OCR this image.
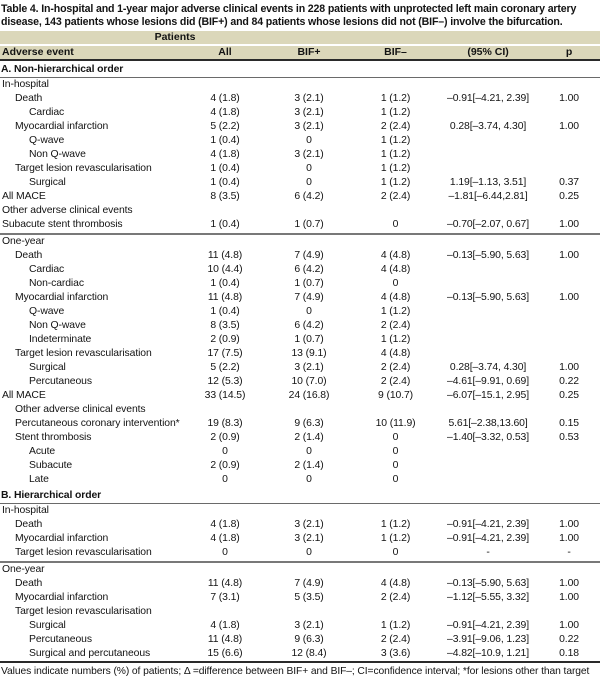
Table 4. In-hospital and 1-year major adverse clinical events in 228 patients with unprotected left main coronary artery disease, 143 patients whose lesions did (BIF+) and 84 patients whose lesions did not (BIF–) involve the bifurcation.
Patients					
Adverse event	All	BIF+	BIF–	(95% CI)	p
A. Non-hierarchical order					
In-hospital					
Death	4 (1.8)	3 (2.1)	1 (1.2)	–0.91[–4.21, 2.39]	1.00
Cardiac	4 (1.8)	3 (2.1)	1 (1.2)		
Myocardial infarction	5 (2.2)	3 (2.1)	2 (2.4)	0.28[–3.74, 4.30]	1.00
Q-wave	1 (0.4)	0	1 (1.2)		
Non Q-wave	4 (1.8)	3 (2.1)	1 (1.2)		
Target lesion revascularisation	1 (0.4)	0	1 (1.2)		
Surgical	1 (0.4)	0	1 (1.2)	1.19[–1.13, 3.51]	0.37
All MACE	8 (3.5)	6 (4.2)	2 (2.4)	–1.81[–6.44,2.81]	0.25
Other adverse clinical events					
Subacute stent thrombosis	1 (0.4)	1 (0.7)	0	–0.70[–2.07, 0.67]	1.00

One-year					
Death	11 (4.8)	7 (4.9)	4 (4.8)	–0.13[–5.90, 5.63]	1.00
Cardiac	10 (4.4)	6 (4.2)	4 (4.8)		
Non-cardiac	1 (0.4)	1 (0.7)	0		
Myocardial infarction	11 (4.8)	7 (4.9)	4 (4.8)	–0.13[–5.90, 5.63]	1.00
Q-wave	1 (0.4)	0	1 (1.2)		
Non Q-wave	8 (3.5)	6 (4.2)	2 (2.4)		
Indeterminate	2 (0.9)	1 (0.7)	1 (1.2)		
Target lesion revascularisation	17 (7.5)	13 (9.1)	4 (4.8)		
Surgical	5 (2.2)	3 (2.1)	2 (2.4)	0.28[–3.74, 4.30]	1.00
Percutaneous	12 (5.3)	10 (7.0)	2 (2.4)	–4.61[–9.91, 0.69]	0.22
All MACE	33 (14.5)	24 (16.8)	9 (10.7)	–6.07[–15.1, 2.95]	0.25
Other adverse clinical events					
Percutaneous coronary intervention*	19 (8.3)	9 (6.3)	10 (11.9)	5.61[–2.38,13.60]	0.15
Stent thrombosis	2 (0.9)	2 (1.4)	0	–1.40[–3.32, 0.53]	0.53
Acute	0	0	0		
Subacute	2 (0.9)	2 (1.4)	0		
Late	0	0	0		
B. Hierarchical order					
In-hospital					
Death	4 (1.8)	3 (2.1)	1 (1.2)	–0.91[–4.21, 2.39]	1.00
Myocardial infarction	4 (1.8)	3 (2.1)	1 (1.2)	–0.91[–4.21, 2.39]	1.00
Target lesion revascularisation	0	0	0	-	-

One-year					
Death	11 (4.8)	7 (4.9)	4 (4.8)	–0.13[–5.90, 5.63]	1.00
Myocardial infarction	7 (3.1)	5 (3.5)	2 (2.4)	–1.12[–5.55, 3.32]	1.00
Target lesion revascularisation					
Surgical	4 (1.8)	3 (2.1)	1 (1.2)	–0.91[–4.21, 2.39]	1.00
Percutaneous	11 (4.8)	9 (6.3)	2 (2.4)	–3.91[–9.06, 1.23]	0.22
Surgical and percutaneous	15 (6.6)	12 (8.4)	3 (3.6)	–4.82[–10.9, 1.21]	0.18
Values indicate numbers (%) of patients; Δ =difference between BIF+ and BIF–; CI=confidence interval; *for lesions other than target
